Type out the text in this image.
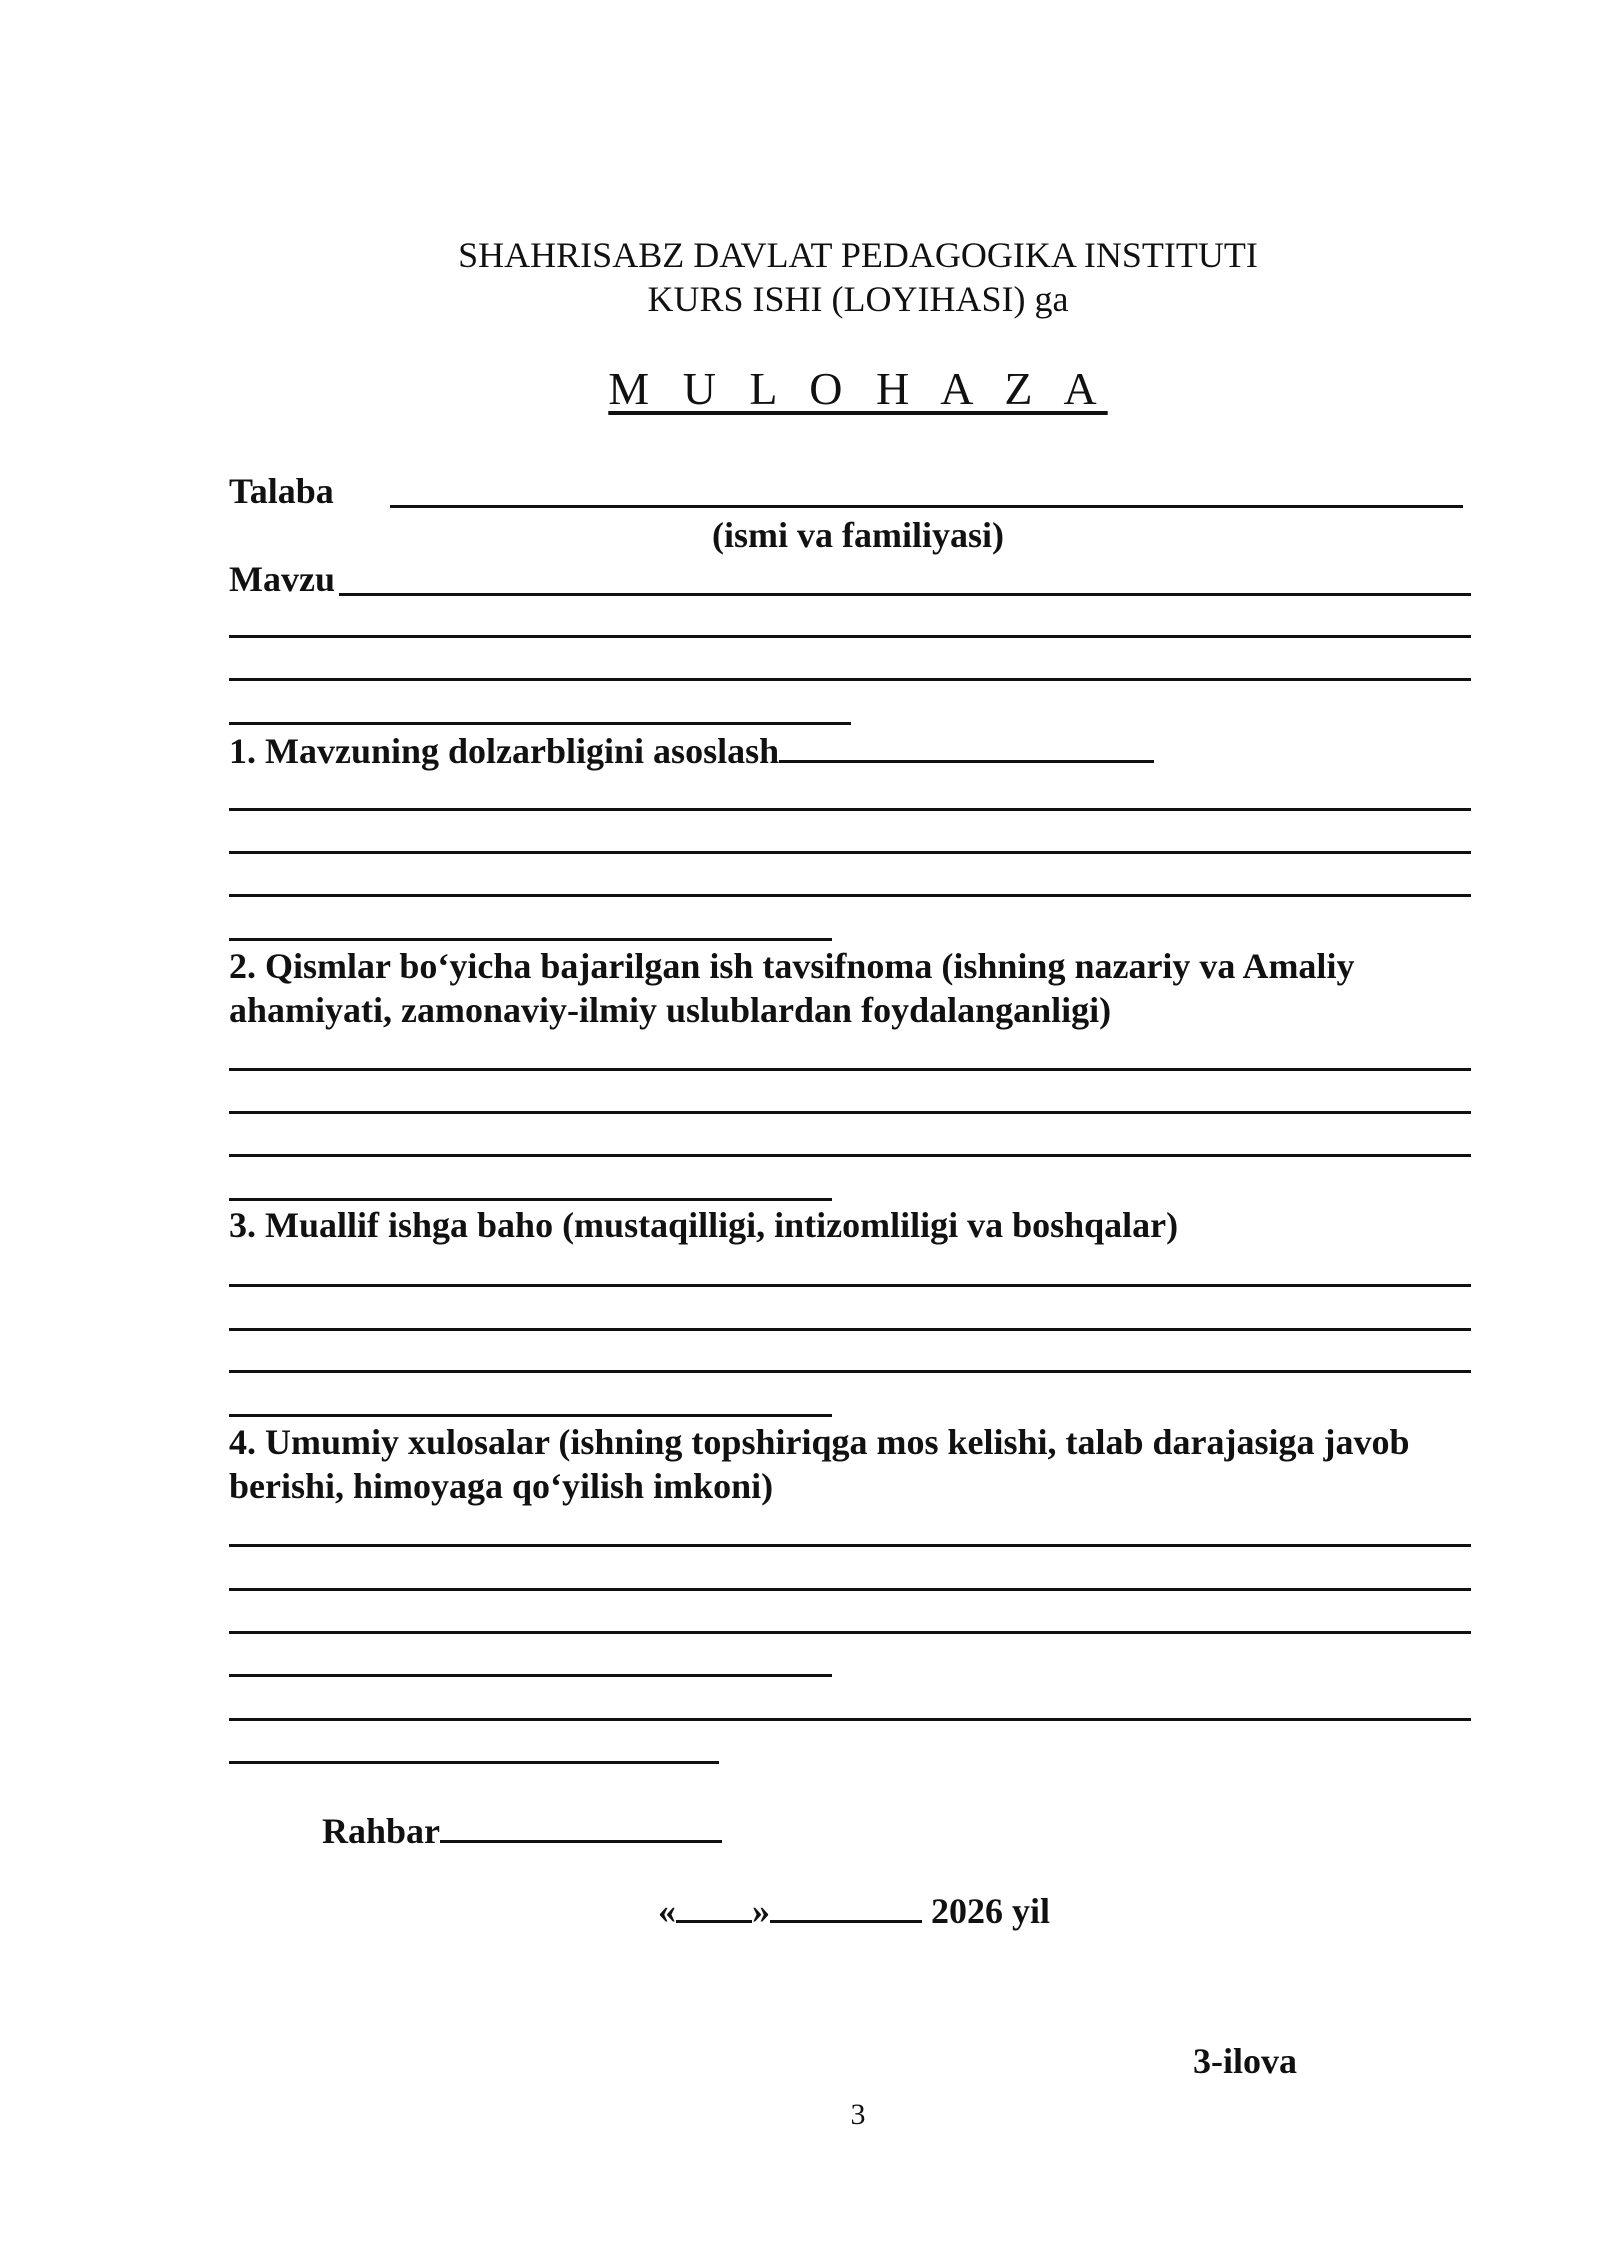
SHAHRISABZ DAVLAT PEDAGOGIKA INSTITUTI
KURS ISHI (LOYIHASI) ga
M U L O H A Z A
Talaba
(ismi va familiyasi)
Mavzu
1. Mavzuning dolzarbligini asoslash
2. Qismlar bo‘yicha bajarilgan ish tavsifnoma (ishning nazariy va Amaliy ahamiyati, zamonaviy-ilmiy uslublardan foydalanganligi)
3. Muallif ishga baho (mustaqilligi, intizomliligi va boshqalar)
4. Umumiy xulosalar (ishning topshiriqga mos kelishi, talab darajasiga javob berishi, himoyaga qo‘yilish imkoni)
Rahbar
« »	2026 yil
3-ilova
3
